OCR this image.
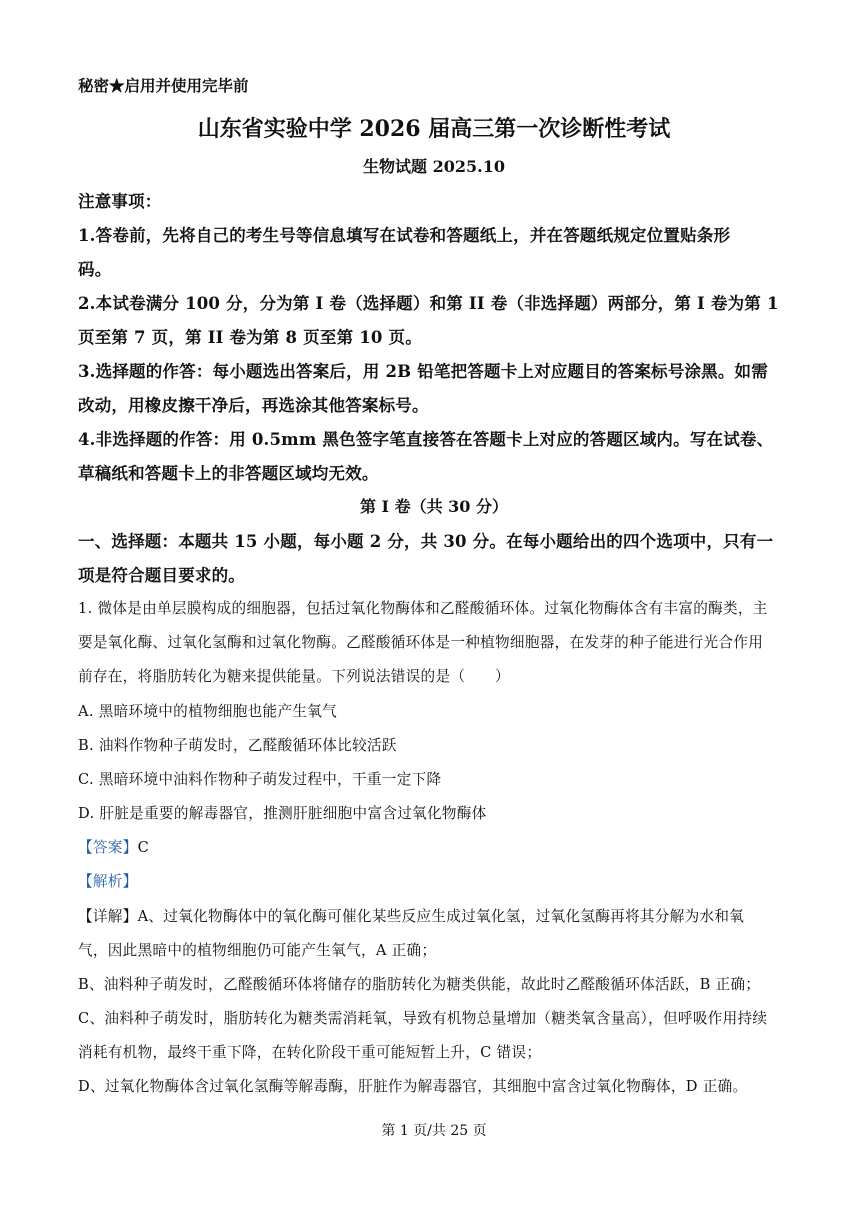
秘密★启用并使用完毕前
山东省实验中学 2026 届高三第一次诊断性考试
生物试题 2025.10
注意事项：
1.答卷前，先将自己的考生号等信息填写在试卷和答题纸上，并在答题纸规定位置贴条形
码。
2.本试卷满分 100 分，分为第 I 卷（选择题）和第 II 卷（非选择题）两部分，第 I 卷为第 1
页至第 7 页，第 II 卷为第 8 页至第 10 页。
3.选择题的作答：每小题选出答案后，用 2B 铅笔把答题卡上对应题目的答案标号涂黑。如需
改动，用橡皮擦干净后，再选涂其他答案标号。
4.非选择题的作答：用 0.5mm 黑色签字笔直接答在答题卡上对应的答题区域内。写在试卷、
草稿纸和答题卡上的非答题区域均无效。
第 I 卷（共 30 分）
一、选择题：本题共 15 小题，每小题 2 分，共 30 分。在每小题给出的四个选项中，只有一
项是符合题目要求的。
1. 微体是由单层膜构成的细胞器，包括过氧化物酶体和乙醛酸循环体。过氧化物酶体含有丰富的酶类，主
要是氧化酶、过氧化氢酶和过氧化物酶。乙醛酸循环体是一种植物细胞器，在发芽的种子能进行光合作用
前存在，将脂肪转化为糖来提供能量。下列说法错误的是（　　）
A. 黑暗环境中的植物细胞也能产生氧气
B. 油料作物种子萌发时，乙醛酸循环体比较活跃
C. 黑暗环境中油料作物种子萌发过程中，干重一定下降
D. 肝脏是重要的解毒器官，推测肝脏细胞中富含过氧化物酶体
【答案】C
【解析】
【详解】A、过氧化物酶体中的氧化酶可催化某些反应生成过氧化氢，过氧化氢酶再将其分解为水和氧
气，因此黑暗中的植物细胞仍可能产生氧气，A 正确；
B、油料种子萌发时，乙醛酸循环体将储存的脂肪转化为糖类供能，故此时乙醛酸循环体活跃，B 正确；
C、油料种子萌发时，脂肪转化为糖类需消耗氧，导致有机物总量增加（糖类氧含量高），但呼吸作用持续
消耗有机物，最终干重下降，在转化阶段干重可能短暂上升，C 错误；
D、过氧化物酶体含过氧化氢酶等解毒酶，肝脏作为解毒器官，其细胞中富含过氧化物酶体，D 正确。
第 1 页/共 25 页
